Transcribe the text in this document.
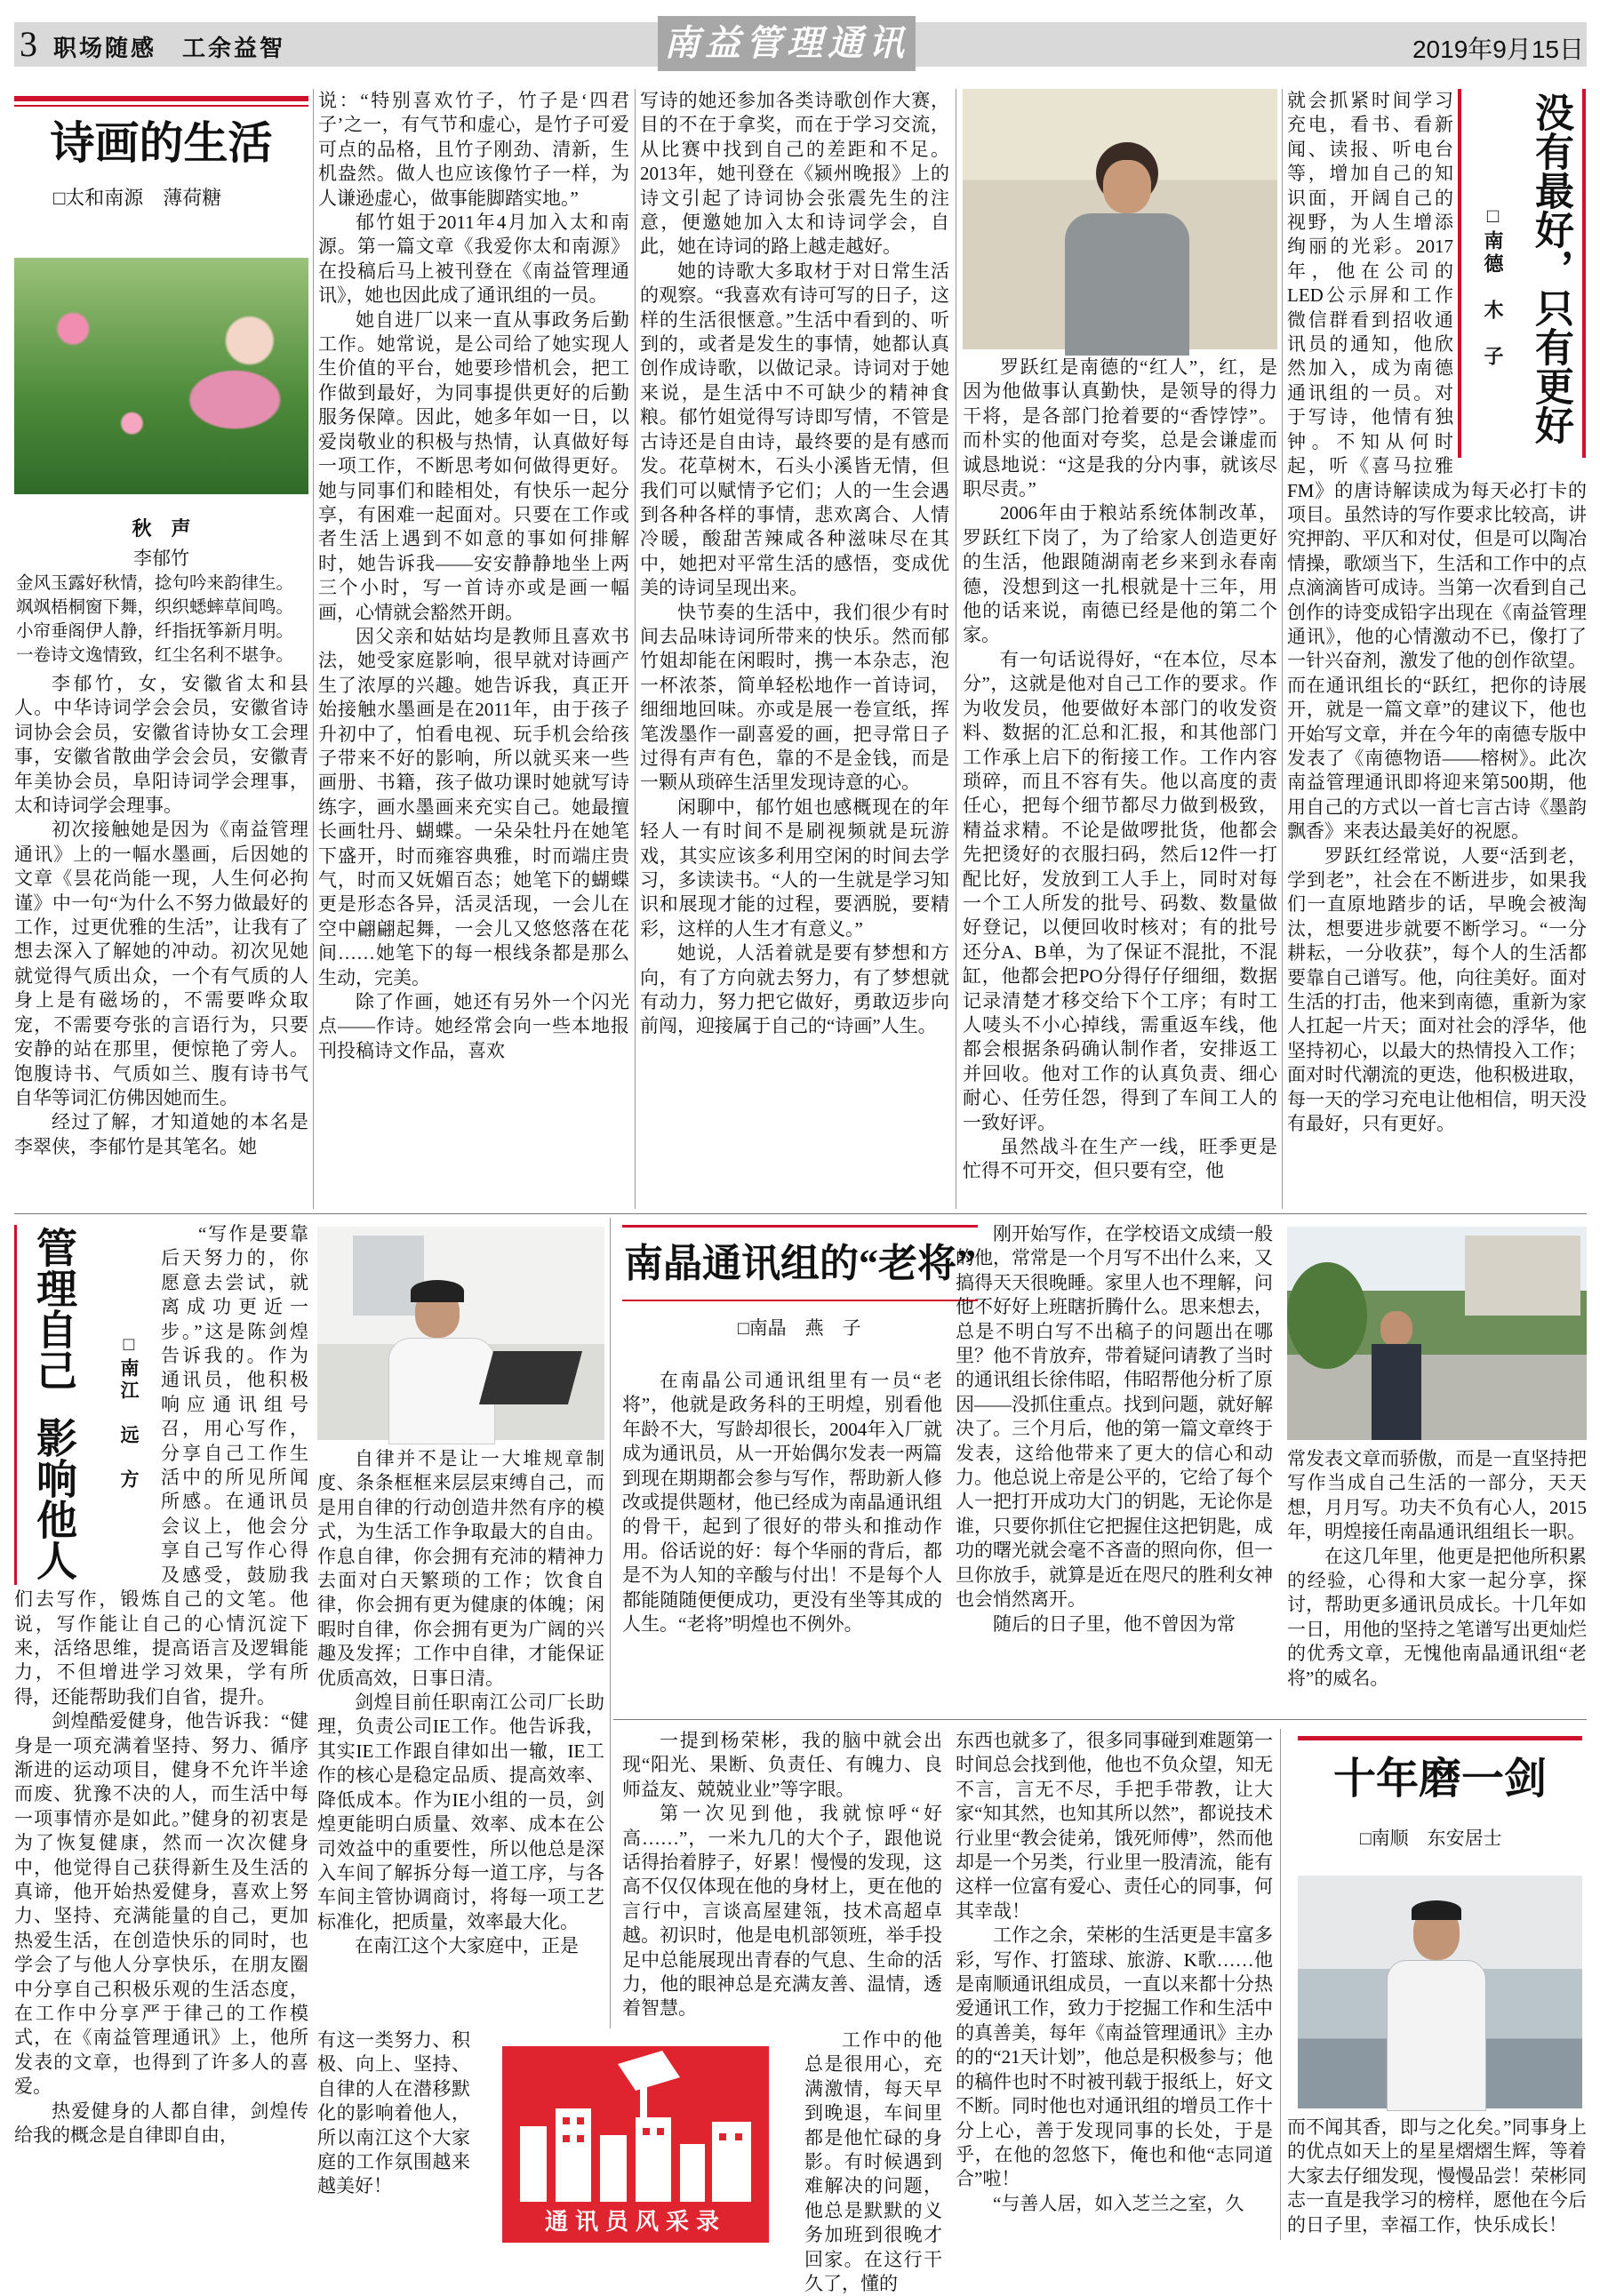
3 职场随感　工余益智	南益管理通讯	2019年9月15日
诗画的生活
□太和南源　薄荷糖
秋　声
李郁竹
金风玉露好秋情，捻句吟来韵律生。
飒飒梧桐窗下舞，织织蟋蟀草间鸣。
小帘垂阁伊人静，纤指抚筝新月明。
一卷诗文逸情致，红尘名利不堪争。

李郁竹，女，安徽省太和县人。中华诗词学会会员，安徽省诗词协会会员，安徽省诗协女工会理事，安徽省散曲学会会员，安徽青年美协会员，阜阳诗词学会理事，太和诗词学会理事。

初次接触她是因为《南益管理通讯》上的一幅水墨画，后因她的文章《昙花尚能一现，人生何必拘谨》中一句“为什么不努力做最好的工作，过更优雅的生活”，让我有了想去深入了解她的冲动。初次见她就觉得气质出众，一个有气质的人身上是有磁场的，不需要哗众取宠，不需要夸张的言语行为，只要安静的站在那里，便惊艳了旁人。饱腹诗书、气质如兰、腹有诗书气自华等词汇仿佛因她而生。

经过了解，才知道她的本名是李翠侠，李郁竹是其笔名。她

说：“特别喜欢竹子，竹子是‘四君子’之一，有气节和虚心，是竹子可爱可点的品格，且竹子刚劲、清新，生机盎然。做人也应该像竹子一样，为人谦逊虚心，做事能脚踏实地。”

郁竹姐于2011年4月加入太和南源。第一篇文章《我爱你太和南源》在投稿后马上被刊登在《南益管理通讯》，她也因此成了通讯组的一员。

她自进厂以来一直从事政务后勤工作。她常说，是公司给了她实现人生价值的平台，她要珍惜机会，把工作做到最好，为同事提供更好的后勤服务保障。因此，她多年如一日，以爱岗敬业的积极与热情，认真做好每一项工作，不断思考如何做得更好。她与同事们和睦相处，有快乐一起分享，有困难一起面对。只要在工作或者生活上遇到不如意的事如何排解时，她告诉我——安安静静地坐上两三个小时，写一首诗亦或是画一幅画，心情就会豁然开朗。

因父亲和姑姑均是教师且喜欢书法，她受家庭影响，很早就对诗画产生了浓厚的兴趣。她告诉我，真正开始接触水墨画是在2011年，由于孩子升初中了，怕看电视、玩手机会给孩子带来不好的影响，所以就买来一些画册、书籍，孩子做功课时她就写诗练字，画水墨画来充实自己。她最擅长画牡丹、蝴蝶。一朵朵牡丹在她笔下盛开，时而雍容典雅，时而端庄贵气，时而又妩媚百态；她笔下的蝴蝶更是形态各异，活灵活现，一会儿在空中翩翩起舞，一会儿又悠悠落在花间……她笔下的每一根线条都是那么生动，完美。

除了作画，她还有另外一个闪光点——作诗。她经常会向一些本地报刊投稿诗文作品，喜欢

写诗的她还参加各类诗歌创作大赛，目的不在于拿奖，而在于学习交流，从比赛中找到自己的差距和不足。2013年，她刊登在《颍州晚报》上的诗文引起了诗词协会张震先生的注意，便邀她加入太和诗词学会，自此，她在诗词的路上越走越好。

她的诗歌大多取材于对日常生活的观察。“我喜欢有诗可写的日子，这样的生活很惬意。”生活中看到的、听到的，或者是发生的事情，她都认真创作成诗歌，以做记录。诗词对于她来说，是生活中不可缺少的精神食粮。郁竹姐觉得写诗即写情，不管是古诗还是自由诗，最终要的是有感而发。花草树木，石头小溪皆无情，但我们可以赋情予它们；人的一生会遇到各种各样的事情，悲欢离合、人情冷暖，酸甜苦辣咸各种滋味尽在其中，她把对平常生活的感悟，变成优美的诗词呈现出来。

快节奏的生活中，我们很少有时间去品味诗词所带来的快乐。然而郁竹姐却能在闲暇时，携一本杂志，泡一杯浓茶，简单轻松地作一首诗词，细细地回味。亦或是展一卷宣纸，挥笔泼墨作一副喜爱的画，把寻常日子过得有声有色，靠的不是金钱，而是一颗从琐碎生活里发现诗意的心。

闲聊中，郁竹姐也感概现在的年轻人一有时间不是刷视频就是玩游戏，其实应该多利用空闲的时间去学习，多读读书。“人的一生就是学习知识和展现才能的过程，要洒脱，要精彩，这样的人生才有意义。”

她说，人活着就是要有梦想和方向，有了方向就去努力，有了梦想就有动力，努力把它做好，勇敢迈步向前闯，迎接属于自己的“诗画”人生。

罗跃红是南德的“红人”，红，是因为他做事认真勤快，是领导的得力干将，是各部门抢着要的“香饽饽”。而朴实的他面对夸奖，总是会谦虚而诚恳地说：“这是我的分内事，就该尽职尽责。”

2006年由于粮站系统体制改革，罗跃红下岗了，为了给家人创造更好的生活，他跟随湖南老乡来到永春南德，没想到这一扎根就是十三年，用他的话来说，南德已经是他的第二个家。

有一句话说得好，“在本位，尽本分”，这就是他对自己工作的要求。作为收发员，他要做好本部门的收发资料、数据的汇总和汇报，和其他部门工作承上启下的衔接工作。工作内容琐碎，而且不容有失。他以高度的责任心，把每个细节都尽力做到极致，精益求精。不论是做啰批货，他都会先把烫好的衣服扫码，然后12件一打配比好，发放到工人手上，同时对每一个工人所发的批号、码数、数量做好登记，以便回收时核对；有的批号还分A、B单，为了保证不混批，不混缸，他都会把PO分得仔仔细细，数据记录清楚才移交给下个工序；有时工人唛头不小心掉线，需重返车线，他都会根据条码确认制作者，安排返工并回收。他对工作的认真负责、细心耐心、任劳任怨，得到了车间工人的一致好评。

虽然战斗在生产一线，旺季更是忙得不可开交，但只要有空，他

就会抓紧时间学习充电，看书、看新闻、读报、听电台等，增加自己的知识面，开阔自己的视野，为人生增添绚丽的光彩。2017年，他在公司的LED公示屏和工作微信群看到招收通讯员的通知，他欣然加入，成为南德通讯组的一员。对于写诗，他情有独钟。不知从何时起，听《喜马拉雅FM》的唐诗解读成为每天必打卡的项目。虽然诗的写作要求比较高，讲究押韵、平仄和对仗，但是可以陶冶情操，歌颂当下，生活和工作中的点点滴滴皆可成诗。当第一次看到自己创作的诗变成铅字出现在《南益管理通讯》，他的心情激动不已，像打了一针兴奋剂，激发了他的创作欲望。而在通讯组长的“跃红，把你的诗展开，就是一篇文章”的建议下，他也开始写文章，并在今年的南德专版中发表了《南德物语——榕树》。此次南益管理通讯即将迎来第500期，他用自己的方式以一首七言古诗《墨韵飘香》来表达最美好的祝愿。

罗跃红经常说，人要“活到老，学到老”，社会在不断进步，如果我们一直原地踏步的话，早晚会被淘汰，想要进步就要不断学习。“一分耕耘，一分收获”，每个人的生活都要靠自己谱写。他，向往美好。面对生活的打击，他来到南德，重新为家人扛起一片天；面对社会的浮华，他坚持初心，以最大的热情投入工作；面对时代潮流的更迭，他积极进取，每一天的学习充电让他相信，明天没有最好，只有更好。

没有最好，只有更好
□南德　木　子
管理自己影响他人
□南江　远　方

“写作是要靠后天努力的，你愿意去尝试，就离成功更近一步。”这是陈剑煌告诉我的。作为通讯员，他积极响应通讯组号召，用心写作，分享自己工作生活中的所见所闻所感。在通讯员会议上，他会分享自己写作心得及感受，鼓励我们去写作，锻炼自己的文笔。他说，写作能让自己的心情沉淀下来，活络思维，提高语言及逻辑能力，不但增进学习效果，学有所得，还能帮助我们自省，提升。

剑煌酷爱健身，他告诉我：“健身是一项充满着坚持、努力、循序渐进的运动项目，健身不允许半途而废、犹豫不决的人，而生活中每一项事情亦是如此。”健身的初衷是为了恢复健康，然而一次次健身中，他觉得自己获得新生及生活的真谛，他开始热爱健身，喜欢上努力、坚持、充满能量的自己，更加热爱生活，在创造快乐的同时，也学会了与他人分享快乐，在朋友圈中分享自己积极乐观的生活态度，在工作中分享严于律己的工作模式，在《南益管理通讯》上，他所发表的文章，也得到了许多人的喜爱。

热爱健身的人都自律，剑煌传给我的概念是自律即自由，

自律并不是让一大堆规章制度、条条框框来层层束缚自己，而是用自律的行动创造井然有序的模式，为生活工作争取最大的自由。作息自律，你会拥有充沛的精神力去面对白天繁琐的工作；饮食自律，你会拥有更为健康的体魄；闲暇时自律，你会拥有更为广阔的兴趣及发挥；工作中自律，才能保证优质高效，日事日清。

剑煌目前任职南江公司厂长助理，负责公司IE工作。他告诉我，其实IE工作跟自律如出一辙，IE工作的核心是稳定品质、提高效率、降低成本。作为IE小组的一员，剑煌更能明白质量、效率、成本在公司效益中的重要性，所以他总是深入车间了解拆分每一道工序，与各车间主管协调商讨，将每一项工艺标准化，把质量，效率最大化。

在南江这个大家庭中，正是

有这一类努力、积极、向上、坚持、自律的人在潜移默化的影响着他人，所以南江这个大家庭的工作氛围越来越美好！

通讯员风采录
南晶通讯组的“老将”
□南晶　燕　子

在南晶公司通讯组里有一员“老将”，他就是政务科的王明煌，别看他年龄不大，写龄却很长，2004年入厂就成为通讯员，从一开始偶尔发表一两篇到现在期期都会参与写作，帮助新人修改或提供题材，他已经成为南晶通讯组的骨干，起到了很好的带头和推动作用。俗话说的好：每个华丽的背后，都是不为人知的辛酸与付出！不是每个人都能随随便便成功，更没有坐等其成的人生。“老将”明煌也不例外。

刚开始写作，在学校语文成绩一般的他，常常是一个月写不出什么来，又搞得天天很晚睡。家里人也不理解，问他不好好上班瞎折腾什么。思来想去，总是不明白写不出稿子的问题出在哪里？他不肯放弃，带着疑问请教了当时的通讯组长徐伟昭，伟昭帮他分析了原因——没抓住重点。找到问题，就好解决了。三个月后，他的第一篇文章终于发表，这给他带来了更大的信心和动力。他总说上帝是公平的，它给了每个人一把打开成功大门的钥匙，无论你是谁，只要你抓住它把握住这把钥匙，成功的曙光就会毫不吝啬的照向你，但一旦你放手，就算是近在咫尺的胜利女神也会悄然离开。

随后的日子里，他不曾因为常

常发表文章而骄傲，而是一直坚持把写作当成自己生活的一部分，天天想，月月写。功夫不负有心人，2015年，明煌接任南晶通讯组组长一职。

在这几年里，他更是把他所积累的经验，心得和大家一起分享，探讨，帮助更多通讯员成长。十几年如一日，用他的坚持之笔谱写出更灿烂的优秀文章，无愧他南晶通讯组“老将”的威名。

一提到杨荣彬，我的脑中就会出现“阳光、果断、负责任、有魄力、良师益友、兢兢业业”等字眼。

第一次见到他，我就惊呼“好高……”，一米九几的大个子，跟他说话得抬着脖子，好累！慢慢的发现，这高不仅仅体现在他的身材上，更在他的言行中，言谈高屋建瓴，技术高超卓越。初识时，他是电机部领班，举手投足中总能展现出青春的气息、生命的活力，他的眼神总是充满友善、温情，透着智慧。

工作中的他总是很用心，充满激情，每天早到晚退，车间里都是他忙碌的身影。有时候遇到难解决的问题，他总是默默的义务加班到很晚才回家。在这行干久了，懂的

东西也就多了，很多同事碰到难题第一时间总会找到他，他也不负众望，知无不言，言无不尽，手把手带教，让大家“知其然，也知其所以然”，都说技术行业里“教会徒弟，饿死师傅”，然而他却是一个另类，行业里一股清流，能有这样一位富有爱心、责任心的同事，何其幸哉！

工作之余，荣彬的生活更是丰富多彩，写作、打篮球、旅游、K歌……他是南顺通讯组成员，一直以来都十分热爱通讯工作，致力于挖掘工作和生活中的真善美，每年《南益管理通讯》主办的的“21天计划”，他总是积极参与；他的稿件也时不时被刊载于报纸上，好文不断。同时他也对通讯组的增员工作十分上心，善于发现同事的长处，于是乎，在他的忽悠下，俺也和他“志同道合”啦！

“与善人居，如入芝兰之室，久

十年磨一剑
□南顺　东安居士

而不闻其香，即与之化矣。”同事身上的优点如天上的星星熠熠生辉，等着大家去仔细发现，慢慢品尝！荣彬同志一直是我学习的榜样，愿他在今后的日子里，幸福工作，快乐成长！
